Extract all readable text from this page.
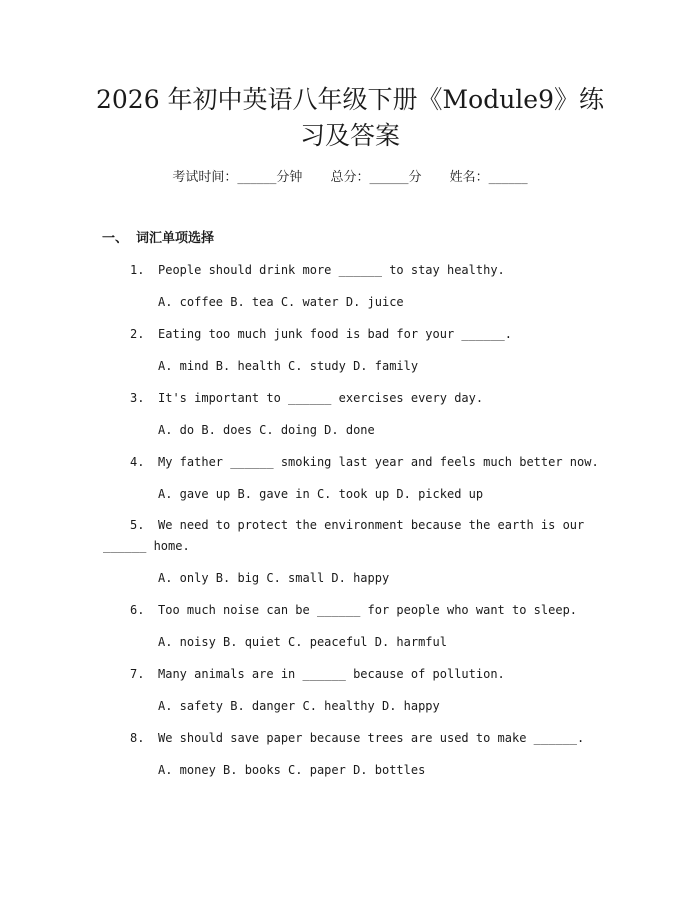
2026 年初中英语八年级下册《Module9》练
习及答案
考试时间：______分钟 总分：______分 姓名：______
一、 词汇单项选择
1. People should drink more ______ to stay healthy.
A. coffee B. tea C. water D. juice
2. Eating too much junk food is bad for your ______.
A. mind B. health C. study D. family
3. It's important to ______ exercises every day.
A. do B. does C. doing D. done
4. My father ______ smoking last year and feels much better now.
A. gave up B. gave in C. took up D. picked up
5. We need to protect the environment because the earth is our
______ home.
A. only B. big C. small D. happy
6. Too much noise can be ______ for people who want to sleep.
A. noisy B. quiet C. peaceful D. harmful
7. Many animals are in ______ because of pollution.
A. safety B. danger C. healthy D. happy
8. We should save paper because trees are used to make ______.
A. money B. books C. paper D. bottles
